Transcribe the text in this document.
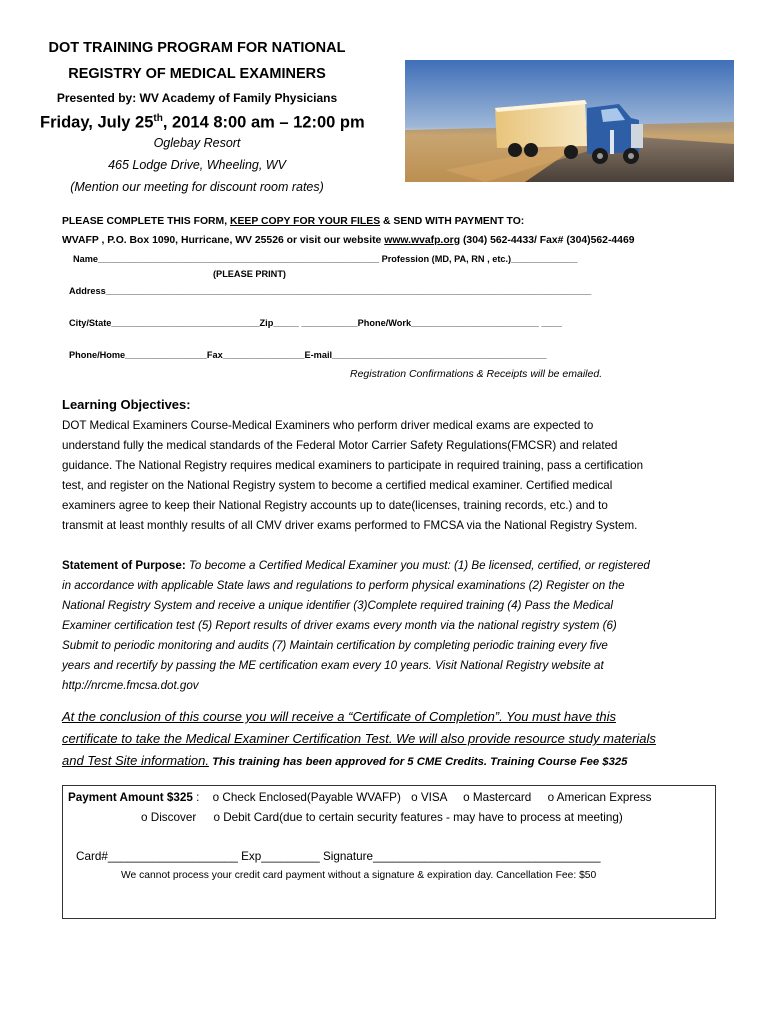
DOT TRAINING PROGRAM FOR NATIONAL
REGISTRY OF MEDICAL EXAMINERS
Presented by: WV Academy of Family Physicians
Friday, July 25th, 2014 8:00 am – 12:00 pm
Oglebay Resort
465 Lodge Drive, Wheeling, WV
(Mention our meeting for discount room rates)
PLEASE COMPLETE THIS FORM, KEEP COPY FOR YOUR FILES & SEND WITH PAYMENT TO:
WVAFP , P.O. Box 1090, Hurricane, WV 25526 or visit our website www.wvafp.org (304) 562-4433/ Fax# (304)562-4469
Name_______________________________________________________ Profession (MD, PA, RN , etc.)_____________
(PLEASE PRINT)
Address_______________________________________________________________________________________________
City/State_____________________________Zip_____ ___________Phone/Work_________________________ ____
Phone/Home________________Fax________________E-mail__________________________________________
Registration Confirmations & Receipts will be emailed.
Learning Objectives:
DOT Medical Examiners Course-Medical Examiners who perform driver medical exams are expected to
understand fully the medical standards of the Federal Motor Carrier Safety Regulations(FMCSR) and related
guidance. The National Registry requires medical examiners to participate in required training, pass a certification
test, and register on the National Registry system to become a certified medical examiner. Certified medical
examiners agree to keep their National Registry accounts up to date(licenses, training records, etc.) and to
transmit at least monthly results of all CMV driver exams performed to FMCSA via the National Registry System.
Statement of Purpose: To become a Certified Medical Examiner you must: (1) Be licensed, certified, or registered
in accordance with applicable State laws and regulations to perform physical examinations (2) Register on the
National Registry System and receive a unique identifier (3)Complete required training (4) Pass the Medical
Examiner certification test (5) Report results of driver exams every month via the national registry system (6)
Submit to periodic monitoring and audits (7) Maintain certification by completing periodic training every five
years and recertify by passing the ME certification exam every 10 years. Visit National Registry website at
http://nrcme.fmcsa.dot.gov
At the conclusion of this course you will receive a “Certificate of Completion”. You must have this
certificate to take the Medical Examiner Certification Test. We will also provide resource study materials
and Test Site information. This training has been approved for 5 CME Credits. Training Course Fee $325
Payment Amount $325 : o Check Enclosed(Payable WVAFP) o VISA o Mastercard o American Express
o Discover o Debit Card(due to certain security features - may have to process at meeting)
Card#____________________ Exp_________ Signature___________________________________
We cannot process your credit card payment without a signature & expiration day. Cancellation Fee: $50
